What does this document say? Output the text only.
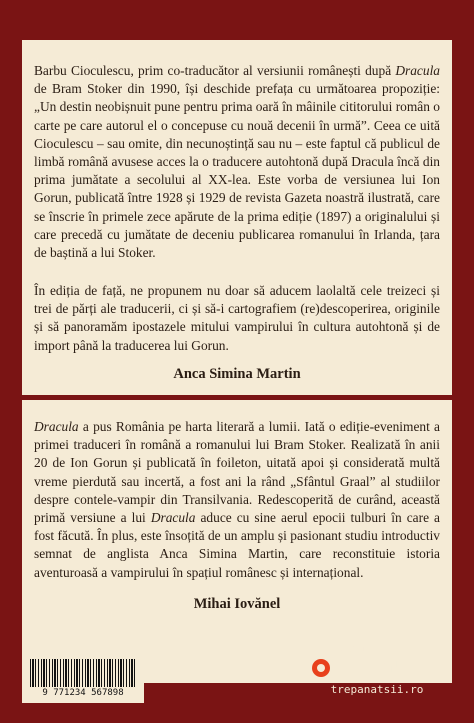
Barbu Cioculescu, prim co-traducător al versiunii românești după Dracula de Bram Stoker din 1990, își deschide prefața cu următoarea propoziție: „Un destin neobișnuit pune pentru prima oară în mâinile cititorului român o carte pe care autorul el o concepuse cu nouă decenii în urmă”. Ceea ce uită Cioculescu – sau omite, din necunoștință sau nu – este faptul că publicul de limbă română avusese acces la o traducere autohtonă după Dracula încă din prima jumătate a secolului al XX-lea. Este vorba de versiunea lui Ion Gorun, publicată între 1928 și 1929 de revista Gazeta noastră ilustrată, care se înscrie în primele zece apărute de la prima ediție (1897) a originalului și care precedă cu jumătate de deceniu publicarea romanului în Irlanda, țara de baștină a lui Stoker.

În ediția de față, ne propunem nu doar să aducem laolaltă cele treizeci și trei de părți ale traducerii, ci și să-i cartografiem (re)descoperirea, originile și să panoramăm ipostazele mitului vampirului în cultura autohtonă și de import până la traducerea lui Gorun.

Anca Simina Martin

Dracula a pus România pe harta literară a lumii. Iată o ediție-eveniment a primei traduceri în română a romanului lui Bram Stoker. Realizată în anii 20 de Ion Gorun și publicată în foileton, uitată apoi și considerată multă vreme pierdută sau incertă, a fost ani la rând „Sfântul Graal” al studiilor despre contele-vampir din Transilvania. Redescoperită de curând, această primă versiune a lui Dracula aduce cu sine aerul epocii tulburi în care a fost făcută. În plus, este însoțită de un amplu și pasionant studiu introductiv semnat de anglista Anca Simina Martin, care reconstituie istoria aventuroasă a vampirului în spațiul românesc și internațional.

Mihai Iovănel
9 771234 567898
Recomandat de
TREPANATSII
trepanatsii.ro
